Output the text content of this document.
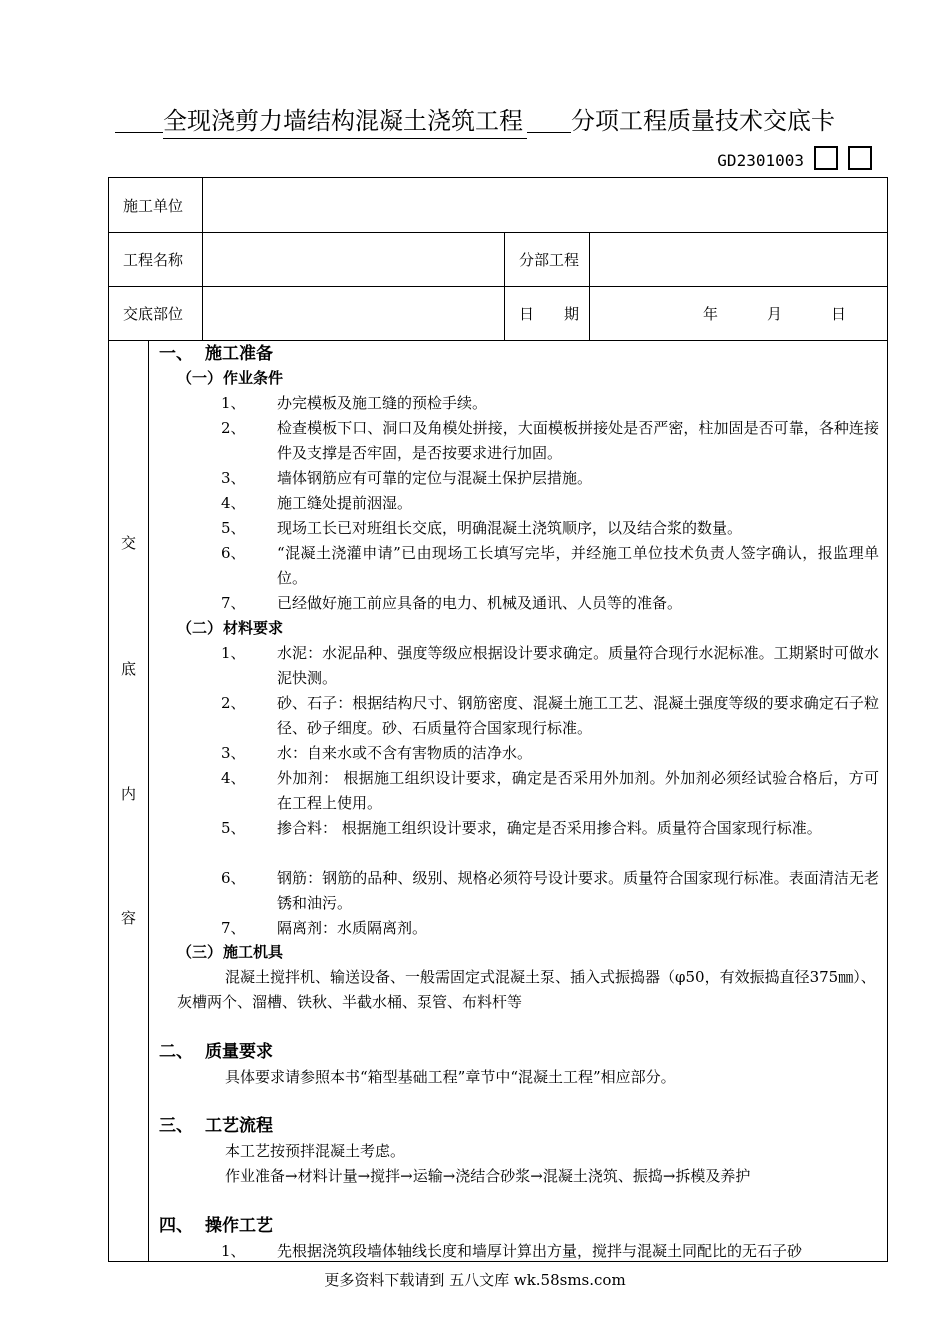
全现浇剪力墙结构混凝土浇筑工程 分项工程质量技术交底卡
GD2301003
施工单位
工程名称	分部工程
交底部位	日　　期	年	月	日
交
底
内
容
一、 施工准备
（一）作业条件
1、	办完模板及施工缝的预检手续。
2、	检查模板下口、洞口及角模处拼接，大面模板拼接处是否严密，柱加固是否可靠，各种连接件及支撑是否牢固，是否按要求进行加固。
3、	墙体钢筋应有可靠的定位与混凝土保护层措施。
4、	施工缝处提前洇湿。
5、	现场工长已对班组长交底，明确混凝土浇筑顺序，以及结合浆的数量。
6、	“混凝土浇灌申请”已由现场工长填写完毕，并经施工单位技术负责人签字确认，报监理单位。
7、	已经做好施工前应具备的电力、机械及通讯、人员等的准备。
（二）材料要求
1、	水泥：水泥品种、强度等级应根据设计要求确定。质量符合现行水泥标准。工期紧时可做水泥快测。
2、	砂、石子：根据结构尺寸、钢筋密度、混凝土施工工艺、混凝土强度等级的要求确定石子粒径、砂子细度。砂、石质量符合国家现行标准。
3、	水：自来水或不含有害物质的洁净水。
4、	外加剂： 根据施工组织设计要求，确定是否采用外加剂。外加剂必须经试验合格后，方可在工程上使用。
5、	掺合料： 根据施工组织设计要求，确定是否采用掺合料。质量符合国家现行标准。
6、	钢筋：钢筋的品种、级别、规格必须符号设计要求。质量符合国家现行标准。表面清洁无老锈和油污。
7、	隔离剂：水质隔离剂。
（三）施工机具
混凝土搅拌机、输送设备、一般需固定式混凝土泵、插入式振捣器（φ50，有效振捣直径375㎜）、灰槽两个、溜槽、铁秋、半截水桶、泵管、布料杆等
二、 质量要求
具体要求请参照本书“箱型基础工程”章节中“混凝土工程”相应部分。
三、 工艺流程
本工艺按预拌混凝土考虑。
作业准备→材料计量→搅拌→运输→浇结合砂浆→混凝土浇筑、振捣→拆模及养护
四、 操作工艺
1、	先根据浇筑段墙体轴线长度和墙厚计算出方量，搅拌与混凝土同配比的无石子砂
更多资料下载请到 五八文库 wk.58sms.com
